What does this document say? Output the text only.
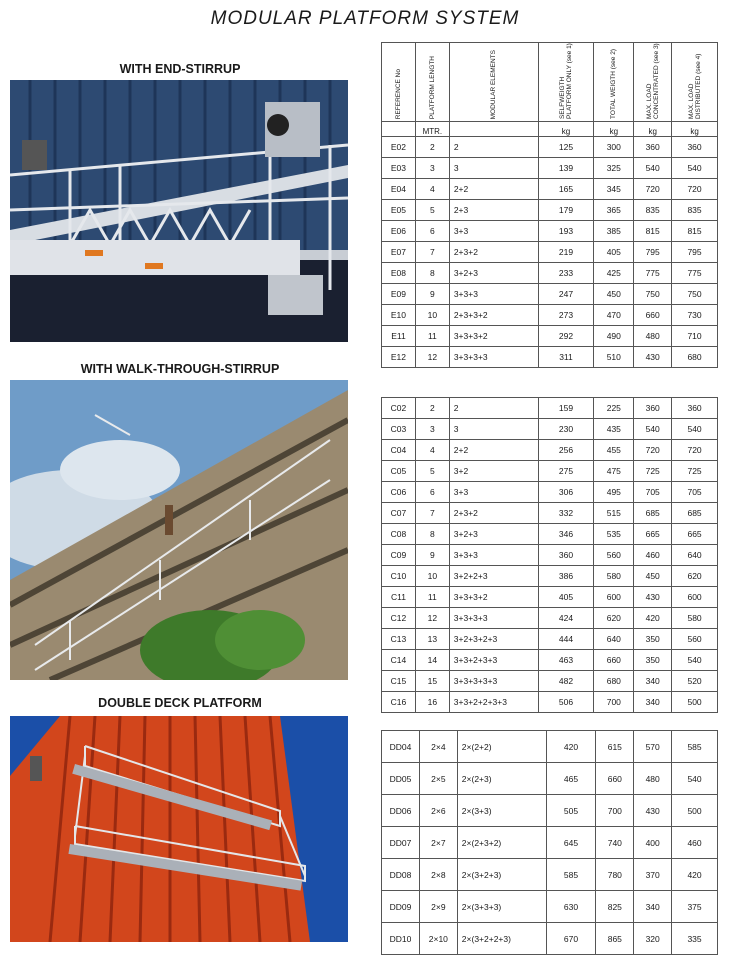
MODULAR PLATFORM SYSTEM
WITH END-STIRRUP	REFERENCE No	PLATFORM LENGTH	MODULAR ELEMENTS	SELFWEIGTH PLATFORM ONLY (see 1)	TOTAL WEIGTH (see 2)	MAX. LOAD CONCENTRATED (see 3)	MAX. LOAD DISTRIBUTED (see 4)
	MTR.		kg	kg	kg	kg
E02	2	2	125	300	360	360
E03	3	3	139	325	540	540
E04	4	2+2	165	345	720	720
E05	5	2+3	179	365	835	835
E06	6	3+3	193	385	815	815
E07	7	2+3+2	219	405	795	795
E08	8	3+2+3	233	425	775	775
E09	9	3+3+3	247	450	750	750
E10	10	2+3+3+2	273	470	660	730
E11	11	3+3+3+2	292	490	480	710
E12	12	3+3+3+3	311	510	430	680
WITH WALK-THROUGH-STIRRUP
C02	2	2	159	225	360	360
C03	3	3	230	435	540	540
C04	4	2+2	256	455	720	720
C05	5	3+2	275	475	725	725
C06	6	3+3	306	495	705	705
C07	7	2+3+2	332	515	685	685
C08	8	3+2+3	346	535	665	665
C09	9	3+3+3	360	560	460	640
C10	10	3+2+2+3	386	580	450	620
C11	11	3+3+3+2	405	600	430	600
C12	12	3+3+3+3	424	620	420	580
C13	13	3+2+3+2+3	444	640	350	560
C14	14	3+3+2+3+3	463	660	350	540
C15	15	3+3+3+3+3	482	680	340	520
C16	16	3+3+2+2+3+3	506	700	340	500
DOUBLE DECK PLATFORM
DD04	2×4	2×(2+2)	420	615	570	585
DD05	2×5	2×(2+3)	465	660	480	540
DD06	2×6	2×(3+3)	505	700	430	500
DD07	2×7	2×(2+3+2)	645	740	400	460
DD08	2×8	2×(3+2+3)	585	780	370	420
DD09	2×9	2×(3+3+3)	630	825	340	375
DD10	2×10	2×(3+2+2+3)	670	865	320	335
